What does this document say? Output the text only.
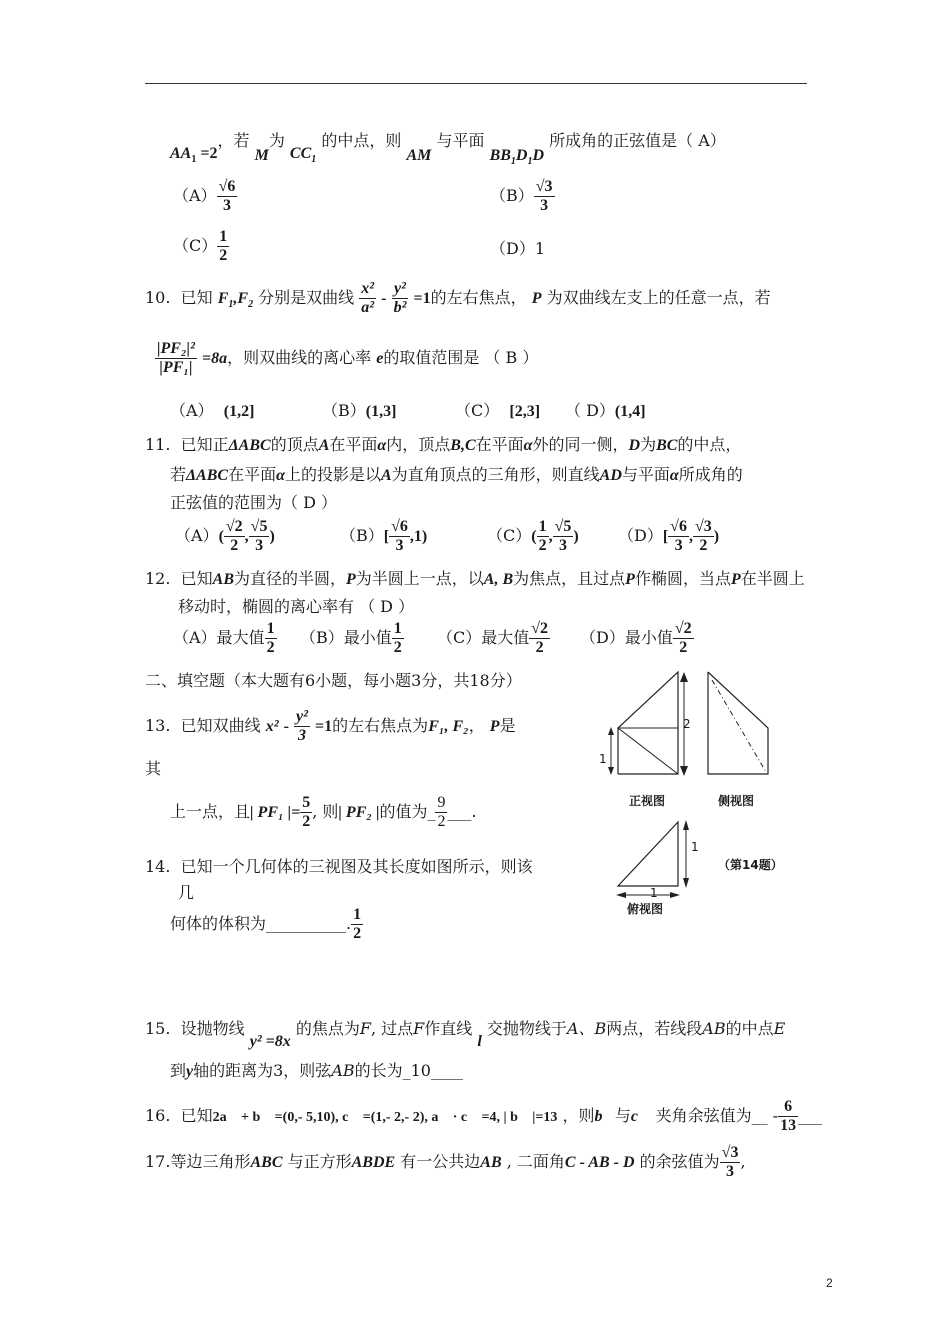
$AA_1 =2$，若 M为 $CC_1$ 的中点，则 AM 与平面 $BB_1D_1D$ 所成角的正弦值是（ A）
$(A) \frac{√6}{3}$	$(B) \frac{√3}{3}$
$(C) \frac{1}{2}$	（D）1
10. 已知 $F_1,F_2$ 分别是双曲线 $\frac{\text{x²}}{\text{a²}} - \frac{\text{y²}}{\text{b²}} =1$的左右焦点， P 为双曲线左支上的任意一点，若
$\frac{\text{|PF₂|²}}{\text{|PF₁|}} =8a$，则双曲线的离心率 e的取值范围是 （ B ）
（A） (1,2]	（B）(1,3]	（C） [2,3] （ D）(1,4]
11. 已知正ΔABC的顶点A在平面α内，顶点B,C在平面α外的同一侧，D为BC的中点，
若ΔABC在平面α上的投影是以A为直角顶点的三角形，则直线AD与平面α所成角的
正弦值的范围为（ D ）
$(A)( \frac{√2}{2}$ , $\frac{√5}{3}$ )	$(B)[ \frac{√6}{3} ,1)$	$(C)( \frac{1}{2}$ , $\frac{√5}{3}$ ) $(D)[ \frac{√6}{3}$ , $\frac{√3}{2}$ )
12. 已知AB为直径的半圆，P为半圆上一点，以A, B为焦点，且过点P作椭圆，当点P在半圆上
移动时，椭圆的离心率有 （ D ）
（A）最大值 $\frac{1}{2} (B)$最小值 $\frac{1}{2} (C)$最大值 $\frac{√2}{2} (D)$最小值 $\frac{√2}{2}$
二、填空题（本大题有6小题，每小题3分，共18分）
13. 已知双曲线 $x^2 - \frac{\text{y²}}{3} =1$的左右焦点为F₁, F₂， P是
其
上一点，且| PF₁ |= $\frac{5}{2}$ , 则| PF₂ |的值为_ $\frac{9}{2}$ ___.
14. 已知一个几何体的三视图及其长度如图所示，则该
几
何体的体积为__________. $\frac{1}{2}$
2
1
正视图	侧视图
1
（第14题）
1
俯视图
15. 设抛物线 y² =8x 的焦点为F, 过点F作直线 l 交抛物线于A、B两点，若线段AB的中点E
到y轴的距离为3，则弦AB的长为_10____
16. 已知2a⃗ + b⃗ =(0,- 5,10), c⃗ =(1,- 2,- 2), a⃗ · c⃗ =4, | b⃗ |=13 ，则b⃗与c⃗ 夹角余弦值为__ - $\frac{6}{13}$ ___
17.等边三角形ABC 与正方形ABDE 有一公共边AB , 二面角C - AB - D 的余弦值为 $\frac{√3}{3}$ ,
2
